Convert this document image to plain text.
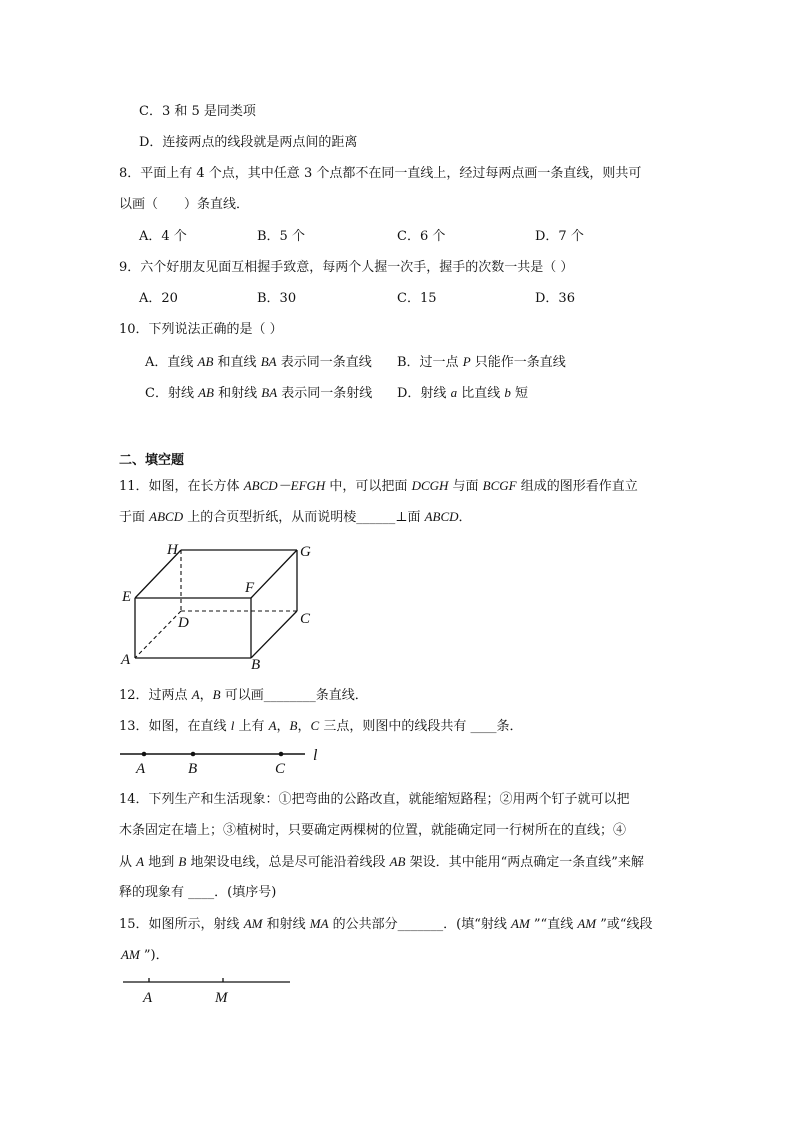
C．3 和 5 是同类项
D．连接两点的线段就是两点间的距离
8．平面上有 4 个点，其中任意 3 个点都不在同一直线上，经过每两点画一条直线，则共可
以画（　　）条直线．
A．4 个	B．5 个	C．6 个	D．7 个
9．六个好朋友见面互相握手致意，每两个人握一次手，握手的次数一共是（ ）
A．20	B．30	C．15	D．36
10．下列说法正确的是（ ）
A．直线 AB 和直线 BA 表示同一条直线 B．过一点 P 只能作一条直线
C．射线 AB 和射线 BA 表示同一条射线 D．射线 a 比直线 b 短
二、填空题
11．如图，在长方体 ABCD－EFGH 中，可以把面 DCGH 与面 BCGF 组成的图形看作直立
于面 ABCD 上的合页型折纸，从而说明棱______⊥面 ABCD．
H	G
E
F
D	C
A	B
12．过两点 A，B 可以画________条直线．
13．如图，在直线 l 上有 A，B，C 三点，则图中的线段共有 ____条．
A	B	C
l
14．下列生产和生活现象：①把弯曲的公路改直，就能缩短路程；②用两个钉子就可以把
木条固定在墙上；③植树时，只要确定两棵树的位置，就能确定同一行树所在的直线；④
从 A 地到 B 地架设电线，总是尽可能沿着线段 AB 架设．其中能用“两点确定一条直线”来解
释的现象有 ____．(填序号)
15．如图所示，射线 AM 和射线 MA 的公共部分_______．(填“射线 AM ”“直线 AM ”或“线段
AM ”)．
A	M
